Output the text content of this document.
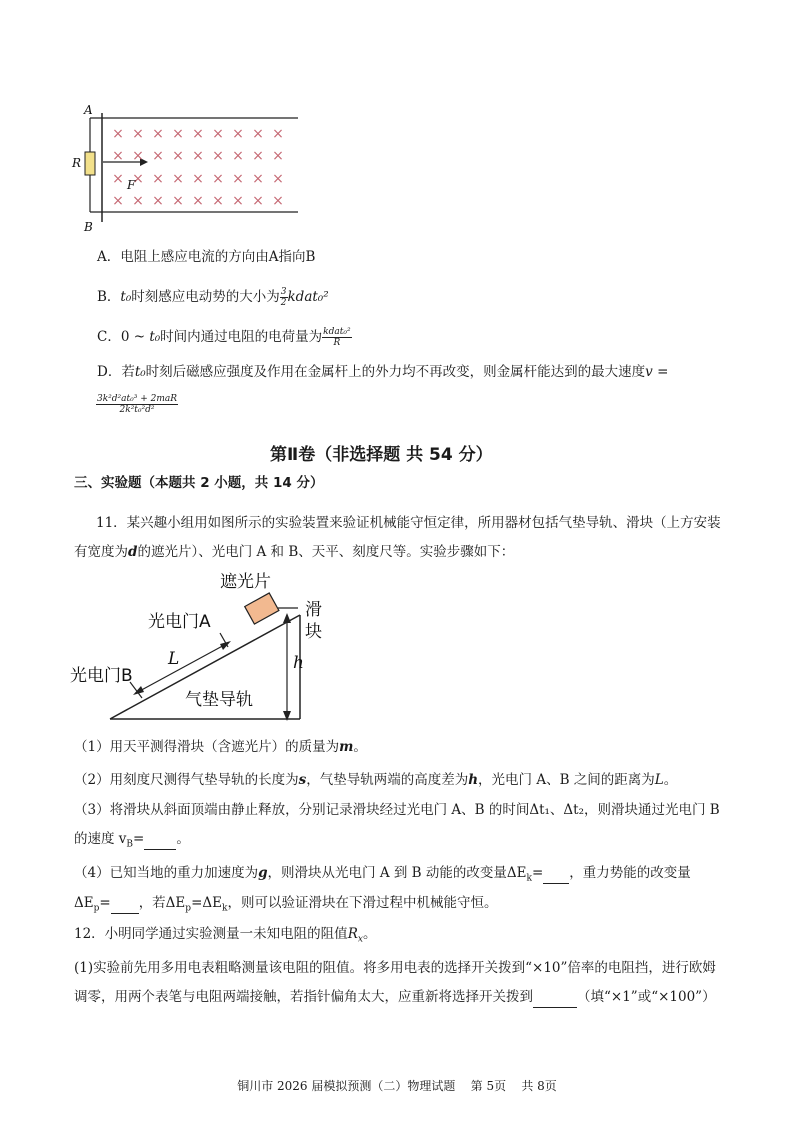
× × × × × × × × ×
× × × × × × × × ×
× × × × × × × × ×
× × × × × × × × ×
A
B
R
F
A．电阻上感应电流的方向由A指向B
B．t₀时刻感应电动势的大小为 $\frac{3}{2}$ kdat₀²
C．0 ~ t₀时间内通过电阻的电荷量为 $\frac{\text{kdat₀²}}{R}$
D．若t₀时刻后磁感应强度及作用在金属杆上的外力均不再改变，则金属杆能达到的最大速度v =
$\frac{\text{3k²d²at₀³ + 2maR}}{\text{2k²t₀²d²}}$
第Ⅱ卷（非选择题 共 54 分）
三、实验题（本题共 2 小题，共 14 分）
11．某兴趣小组用如图所示的实验装置来验证机械能守恒定律，所用器材包括气垫导轨、滑块（上方安装
有宽度为d的遮光片）、光电门 A 和 B、天平、刻度尺等。实验步骤如下：
遮光片
滑
块
光电门A
光电门B
L	h
气垫导轨
（1）用天平测得滑块（含遮光片）的质量为m。
（2）用刻度尺测得气垫导轨的长度为s，气垫导轨两端的高度差为h，光电门 A、B 之间的距离为L。
（3）将滑块从斜面顶端由静止释放，分别记录滑块经过光电门 A、B 的时间Δt₁、Δt₂，则滑块通过光电门 B
的速度 $v_B=$ 。
（4）已知当地的重力加速度为g，则滑块从光电门 A 到 B 动能的改变量$\Delta E_k=$ ，重力势能的改变量
$\Delta E_p=$ ，若$\Delta E_p=\Delta E_k$，则可以验证滑块在下滑过程中机械能守恒。
12．小明同学通过实验测量一未知电阻的阻值$R_x$。
(1)实验前先用多用电表粗略测量该电阻的阻值。将多用电表的选择开关拨到“×10”倍率的电阻挡，进行欧姆
调零，用两个表笔与电阻两端接触，若指针偏角太大，应重新将选择开关拨到	（填“×1”或“×100”）
铜川市 2026 届模拟预测（二）物理试题    第 5页    共 8页
